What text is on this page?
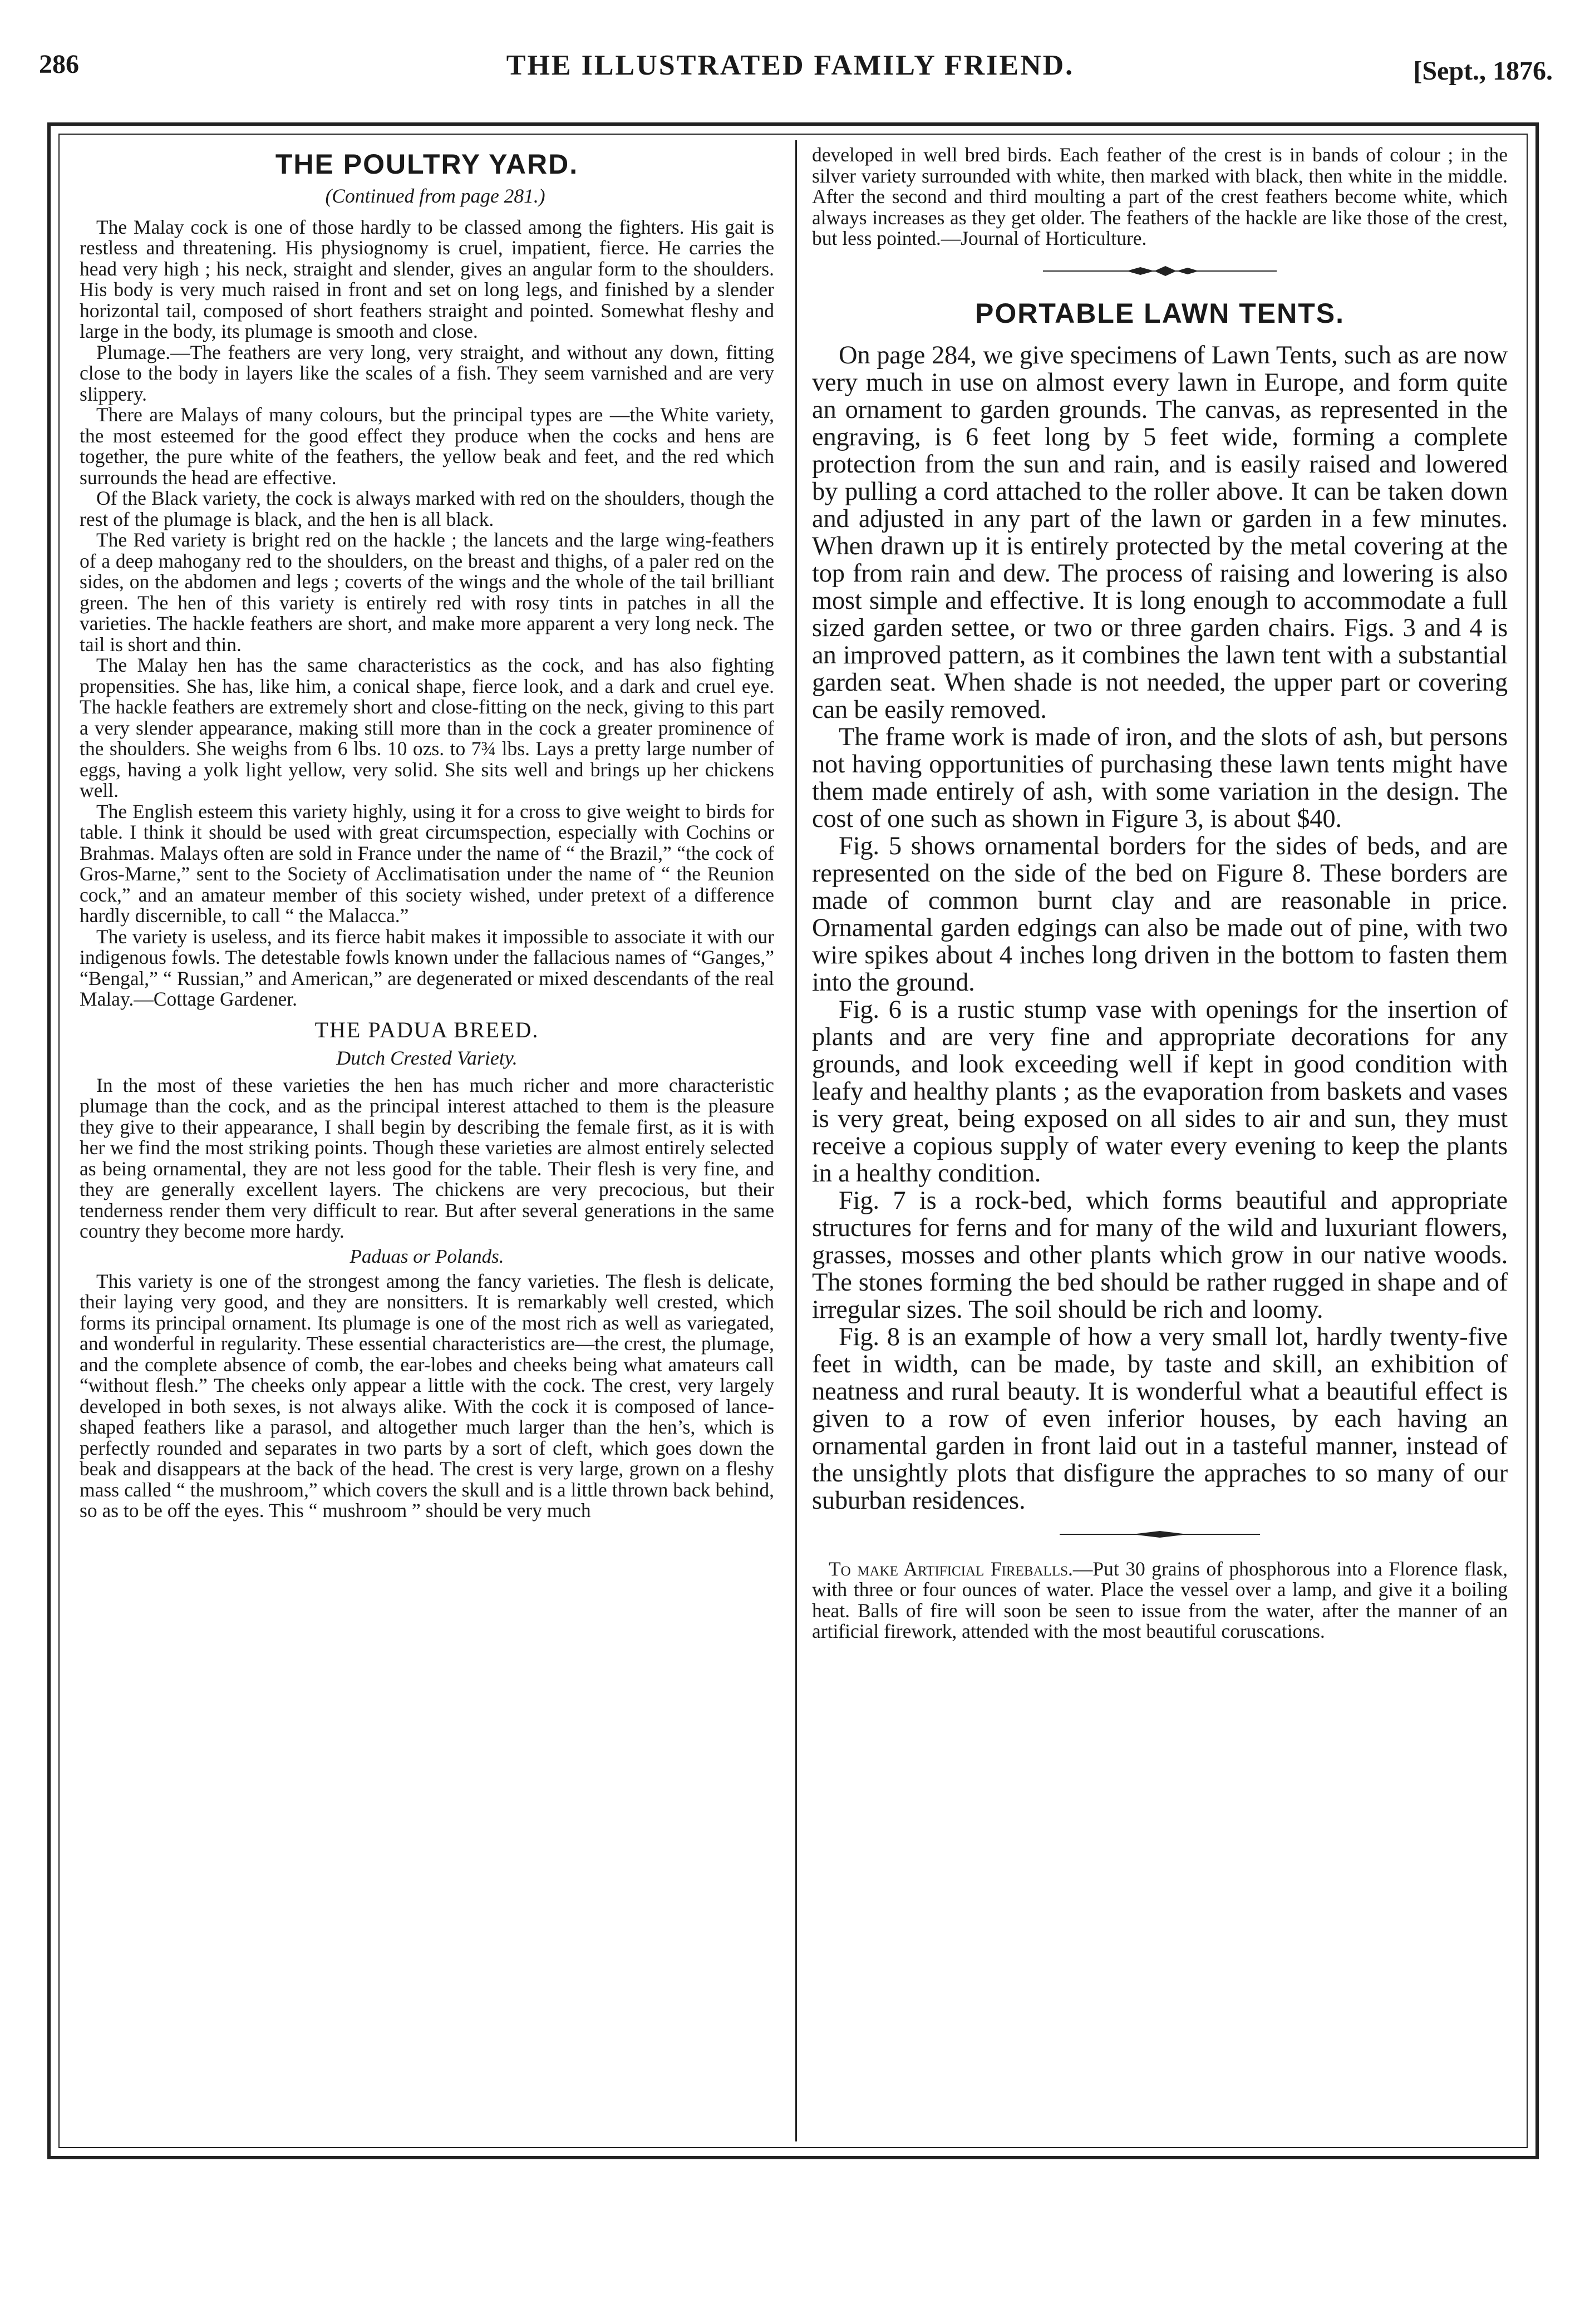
286	THE ILLUSTRATED FAMILY FRIEND.	[Sept., 1876.
THE POULTRY YARD.

(Continued from page 281.)

The Malay cock is one of those hardly to be classed among the fighters. His gait is restless and threatening. His physiognomy is cruel, impatient, fierce. He carries the head very high ; his neck, straight and slender, gives an angular form to the shoulders. His body is very much raised in front and set on long legs, and finished by a slender horizontal tail, composed of short feathers straight and pointed. Somewhat fleshy and large in the body, its plumage is smooth and close.

Plumage.—The feathers are very long, very straight, and without any down, fitting close to the body in layers like the scales of a fish. They seem varnished and are very slippery.

There are Malays of many colours, but the principal types are —the White variety, the most esteemed for the good effect they produce when the cocks and hens are together, the pure white of the feathers, the yellow beak and feet, and the red which surrounds the head are effective.

Of the Black variety, the cock is always marked with red on the shoulders, though the rest of the plumage is black, and the hen is all black.

The Red variety is bright red on the hackle ; the lancets and the large wing-feathers of a deep mahogany red to the shoulders, on the breast and thighs, of a paler red on the sides, on the abdomen and legs ; coverts of the wings and the whole of the tail brilliant green. The hen of this variety is entirely red with rosy tints in patches in all the varieties. The hackle feathers are short, and make more apparent a very long neck. The tail is short and thin.

The Malay hen has the same characteristics as the cock, and has also fighting propensities. She has, like him, a conical shape, fierce look, and a dark and cruel eye. The hackle feathers are extremely short and close-fitting on the neck, giving to this part a very slender appearance, making still more than in the cock a greater prominence of the shoulders. She weighs from 6 lbs. 10 ozs. to 7¾ lbs. Lays a pretty large number of eggs, having a yolk light yellow, very solid. She sits well and brings up her chickens well.

The English esteem this variety highly, using it for a cross to give weight to birds for table. I think it should be used with great circumspection, especially with Cochins or Brahmas. Malays often are sold in France under the name of “ the Brazil,” “the cock of Gros-Marne,” sent to the Society of Acclimatisation under the name of “ the Reunion cock,” and an amateur member of this society wished, under pretext of a difference hardly discernible, to call “ the Malacca.”

The variety is useless, and its fierce habit makes it impossible to associate it with our indigenous fowls. The detestable fowls known under the fallacious names of “Ganges,” “Bengal,” “ Russian,” and American,” are degenerated or mixed descendants of the real Malay.—Cottage Gardener.

THE PADUA BREED.
Dutch Crested Variety.

In the most of these varieties the hen has much richer and more characteristic plumage than the cock, and as the principal interest attached to them is the pleasure they give to their appearance, I shall begin by describing the female first, as it is with her we find the most striking points. Though these varieties are almost entirely selected as being ornamental, they are not less good for the table. Their flesh is very fine, and they are generally excellent layers. The chickens are very precocious, but their tenderness render them very difficult to rear. But after several generations in the same country they become more hardy.

Paduas or Polands.

This variety is one of the strongest among the fancy varieties. The flesh is delicate, their laying very good, and they are nonsitters. It is remarkably well crested, which forms its principal ornament. Its plumage is one of the most rich as well as variegated, and wonderful in regularity. These essential characteristics are—the crest, the plumage, and the complete absence of comb, the ear-lobes and cheeks being what amateurs call “without flesh.” The cheeks only appear a little with the cock. The crest, very largely developed in both sexes, is not always alike. With the cock it is composed of lance-shaped feathers like a parasol, and altogether much larger than the hen’s, which is perfectly rounded and separates in two parts by a sort of cleft, which goes down the beak and disappears at the back of the head. The crest is very large, grown on a fleshy mass called “ the mushroom,” which covers the skull and is a little thrown back behind, so as to be off the eyes. This “ mushroom ” should be very much

developed in well bred birds. Each feather of the crest is in bands of colour ; in the silver variety surrounded with white, then marked with black, then white in the middle. After the second and third moulting a part of the crest feathers become white, which always increases as they get older. The feathers of the hackle are like those of the crest, but less pointed.—Journal of Horticulture.

PORTABLE LAWN TENTS.

On page 284, we give specimens of Lawn Tents, such as are now very much in use on almost every lawn in Europe, and form quite an ornament to garden grounds. The canvas, as represented in the engraving, is 6 feet long by 5 feet wide, forming a complete protection from the sun and rain, and is easily raised and lowered by pulling a cord attached to the roller above. It can be taken down and adjusted in any part of the lawn or garden in a few minutes. When drawn up it is entirely protected by the metal covering at the top from rain and dew. The process of raising and lowering is also most simple and effective. It is long enough to accommodate a full sized garden settee, or two or three garden chairs. Figs. 3 and 4 is an improved pattern, as it combines the lawn tent with a substantial garden seat. When shade is not needed, the upper part or covering can be easily removed.

The frame work is made of iron, and the slots of ash, but persons not having opportunities of purchasing these lawn tents might have them made entirely of ash, with some variation in the design. The cost of one such as shown in Figure 3, is about $40.

Fig. 5 shows ornamental borders for the sides of beds, and are represented on the side of the bed on Figure 8. These borders are made of common burnt clay and are reasonable in price. Ornamental garden edgings can also be made out of pine, with two wire spikes about 4 inches long driven in the bottom to fasten them into the ground.

Fig. 6 is a rustic stump vase with openings for the insertion of plants and are very fine and appropriate decorations for any grounds, and look exceeding well if kept in good condition with leafy and healthy plants ; as the evaporation from baskets and vases is very great, being exposed on all sides to air and sun, they must receive a copious supply of water every evening to keep the plants in a healthy condition.

Fig. 7 is a rock-bed, which forms beautiful and appropriate structures for ferns and for many of the wild and luxuriant flowers, grasses, mosses and other plants which grow in our native woods. The stones forming the bed should be rather rugged in shape and of irregular sizes. The soil should be rich and loomy.

Fig. 8 is an example of how a very small lot, hardly twenty-five feet in width, can be made, by taste and skill, an exhibition of neatness and rural beauty. It is wonderful what a beautiful effect is given to a row of even inferior houses, by each having an ornamental garden in front laid out in a tasteful manner, instead of the unsightly plots that disfigure the appraches to so many of our suburban residences.

To make Artificial Fireballs.—Put 30 grains of phosphorous into a Florence flask, with three or four ounces of water. Place the vessel over a lamp, and give it a boiling heat. Balls of fire will soon be seen to issue from the water, after the manner of an artificial firework, attended with the most beautiful coruscations.
